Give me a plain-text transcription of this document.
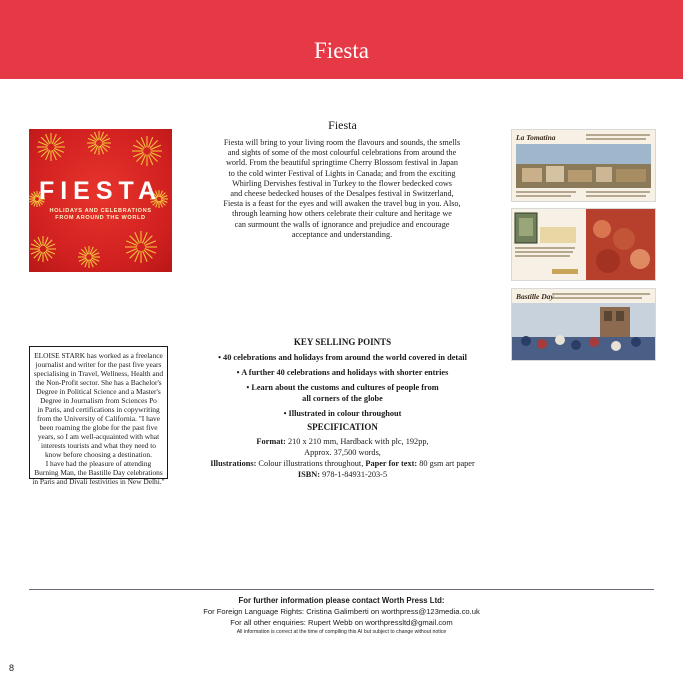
Fiesta
FIESTA
HOLIDAYS AND CELEBRATIONS
FROM AROUND THE WORLD
Fiesta
Fiesta will bring to your living room the flavours and sounds, the smells
and sights of some of the most colourful celebrations from around the
world. From the beautiful springtime Cherry Blossom festival in Japan
to the cold winter Festival of Lights in Canada; and from the exciting
Whirling Dervishes festival in Turkey to the flower bedecked cows
and cheese bedecked houses of the Desalpes festival in Switzerland,
Fiesta is a feast for the eyes and will awaken the travel bug in you. Also,
through learning how others celebrate their culture and heritage we
can surmount the walls of ignorance and prejudice and encourage
acceptance and understanding.
La Tomatina
Bastille Day
ELOISE STARK has worked as a freelance
journalist and writer for the past five years
specialising in Travel, Wellness, Health and
the Non-Profit sector. She has a Bachelor's
Degree in Political Science and a Master's
Degree in Journalism from Sciences Po
in Paris, and certifications in copywriting
from the University of California. "I have
been roaming the globe for the past five
years, so I am well-acquainted with what
interests tourists and what they need to
know before choosing a destination.
I have had the pleasure of attending
Burning Man, the Bastille Day celebrations
in Paris and Divali festivities in New Delhi."
KEY SELLING POINTS
• 40 celebrations and holidays from around the world covered in detail
• A further 40 celebrations and holidays with shorter entries
• Learn about the customs and cultures of people from
all corners of the globe
• Illustrated in colour throughout
SPECIFICATION
Format: 210 x 210 mm, Hardback with plc, 192pp,
Approx. 37,500 words,
Illustrations: Colour illustrations throughout, Paper for text: 80 gsm art paper
ISBN: 978-1-84931-203-5
For further information please contact Worth Press Ltd:
For Foreign Language Rights: Cristina Galimberti on worthpress@123media.co.uk
For all other enquiries: Rupert Webb on worthpressltd@gmail.com
All information is correct at the time of compiling this AI but subject to change without notice
8
